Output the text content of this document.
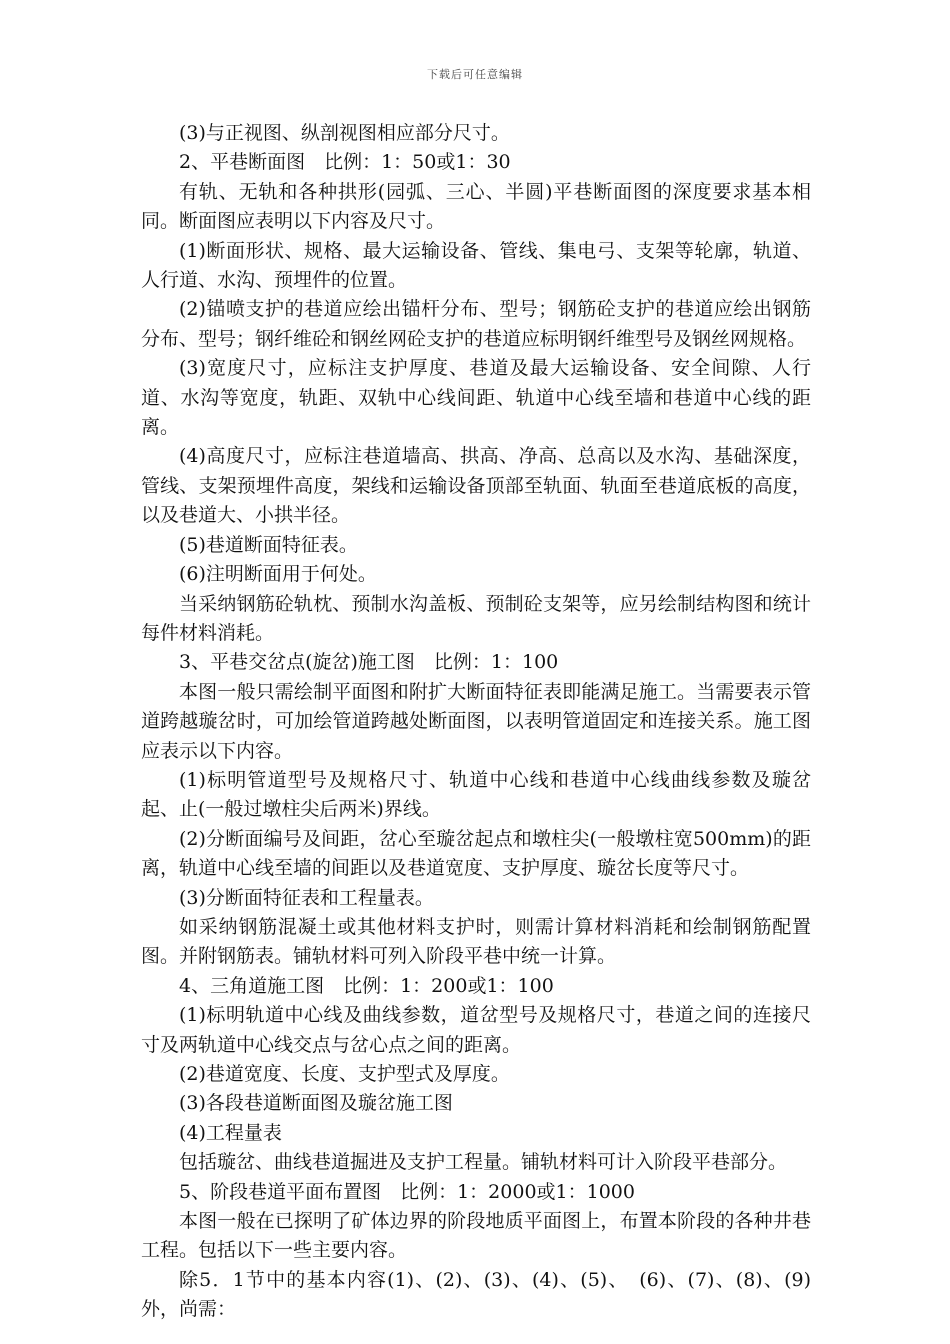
下载后可任意编辑

(3)与正视图、纵剖视图相应部分尺寸。

2、平巷断面图　比例：1：50或1：30

有轨、无轨和各种拱形(园弧、三心、半圆)平巷断面图的深度要求基本相同。断面图应表明以下内容及尺寸。

(1)断面形状、规格、最大运输设备、管线、集电弓、支架等轮廓，轨道、人行道、水沟、预埋件的位置。

(2)锚喷支护的巷道应绘出锚杆分布、型号；钢筋砼支护的巷道应绘出钢筋分布、型号；钢纤维砼和钢丝网砼支护的巷道应标明钢纤维型号及钢丝网规格。

(3)宽度尺寸，应标注支护厚度、巷道及最大运输设备、安全间隙、人行道、水沟等宽度，轨距、双轨中心线间距、轨道中心线至墙和巷道中心线的距离。

(4)高度尺寸，应标注巷道墙高、拱高、净高、总高以及水沟、基础深度，管线、支架预埋件高度，架线和运输设备顶部至轨面、轨面至巷道底板的高度，以及巷道大、小拱半径。

(5)巷道断面特征表。

(6)注明断面用于何处。

当采纳钢筋砼轨枕、预制水沟盖板、预制砼支架等，应另绘制结构图和统计每件材料消耗。

3、平巷交岔点(旋岔)施工图　比例：1：100

本图一般只需绘制平面图和附扩大断面特征表即能满足施工。当需要表示管道跨越璇岔时，可加绘管道跨越处断面图，以表明管道固定和连接关系。施工图应表示以下内容。

(1)标明管道型号及规格尺寸、轨道中心线和巷道中心线曲线参数及璇岔起、止(一般过墩柱尖后两米)界线。

(2)分断面编号及间距，岔心至璇岔起点和墩柱尖(一般墩柱宽500mm)的距离，轨道中心线至墙的间距以及巷道宽度、支护厚度、璇岔长度等尺寸。

(3)分断面特征表和工程量表。

如采纳钢筋混凝土或其他材料支护时，则需计算材料消耗和绘制钢筋配置图。并附钢筋表。铺轨材料可列入阶段平巷中统一计算。

4、三角道施工图　比例：1：200或1：100

(1)标明轨道中心线及曲线参数，道岔型号及规格尺寸，巷道之间的连接尺寸及两轨道中心线交点与岔心点之间的距离。

(2)巷道宽度、长度、支护型式及厚度。

(3)各段巷道断面图及璇岔施工图

(4)工程量表

包括璇岔、曲线巷道掘进及支护工程量。铺轨材料可计入阶段平巷部分。

5、阶段巷道平面布置图　比例：1：2000或1：1000

本图一般在已探明了矿体边界的阶段地质平面图上，布置本阶段的各种井巷工程。包括以下一些主要内容。

除5．1节中的基本内容(1)、(2)、(3)、(4)、(5)、　(6)、(7)、(8)、(9)外，尚需：
